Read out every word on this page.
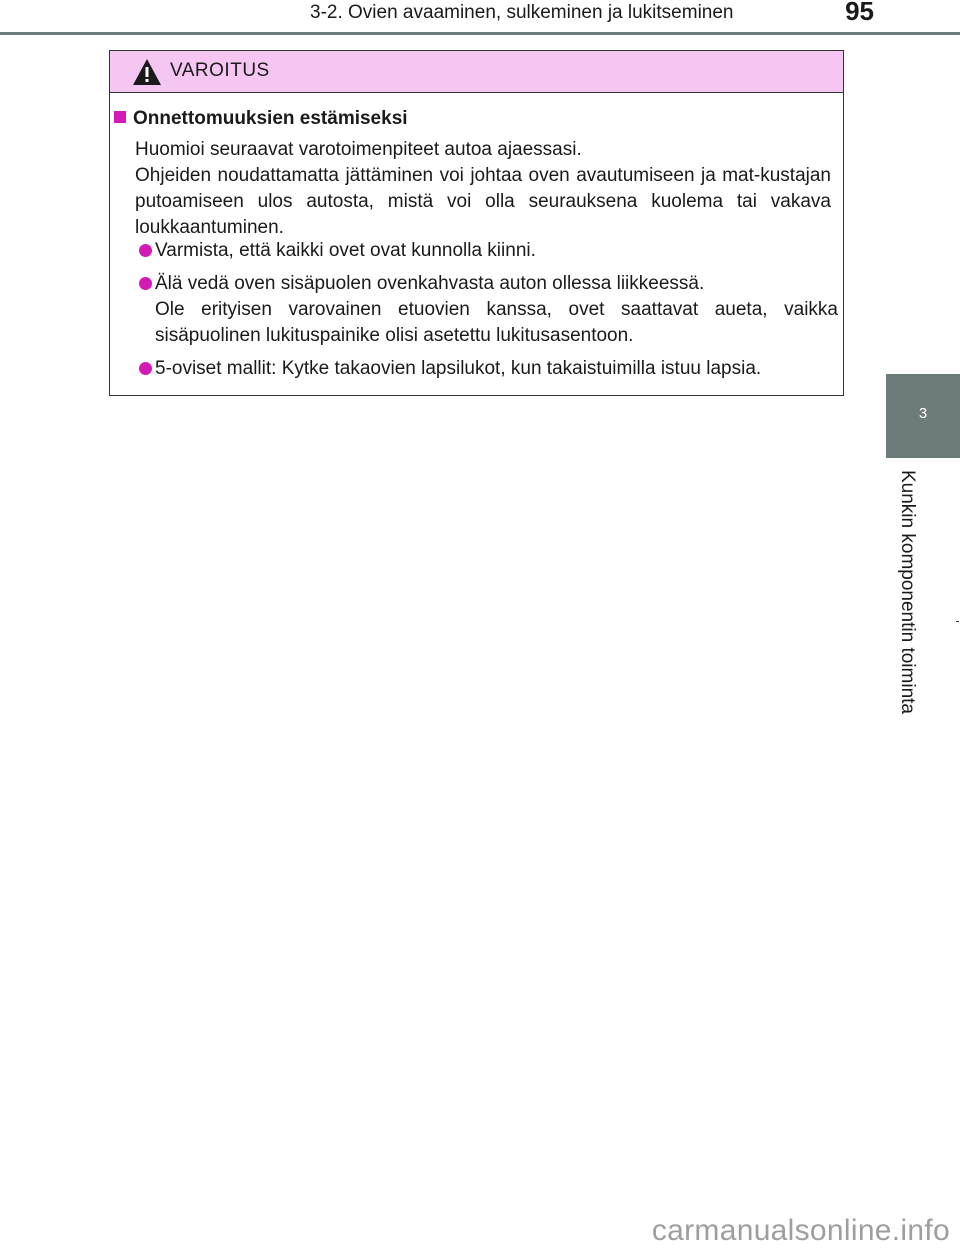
3-2. Ovien avaaminen, sulkeminen ja lukitseminen	95
3
Kunkin komponentin toiminta
VAROITUS
Onnettomuuksien estämiseksi

Huomioi seuraavat varotoimenpiteet autoa ajaessasi.

Ohjeiden noudattamatta jättäminen voi johtaa oven avautumiseen ja mat-kustajan putoamiseen ulos autosta, mistä voi olla seurauksena kuolema tai vakava loukkaantuminen.

Varmista, että kaikki ovet ovat kunnolla kiinni.
Älä vedä oven sisäpuolen ovenkahvasta auton ollessa liikkeessä.
Ole erityisen varovainen etuovien kanssa, ovet saattavat aueta, vaikka sisäpuolinen lukituspainike olisi asetettu lukitusasentoon.
5-oviset mallit: Kytke takaovien lapsilukot, kun takaistuimilla istuu lapsia.
carmanualsonline.info
